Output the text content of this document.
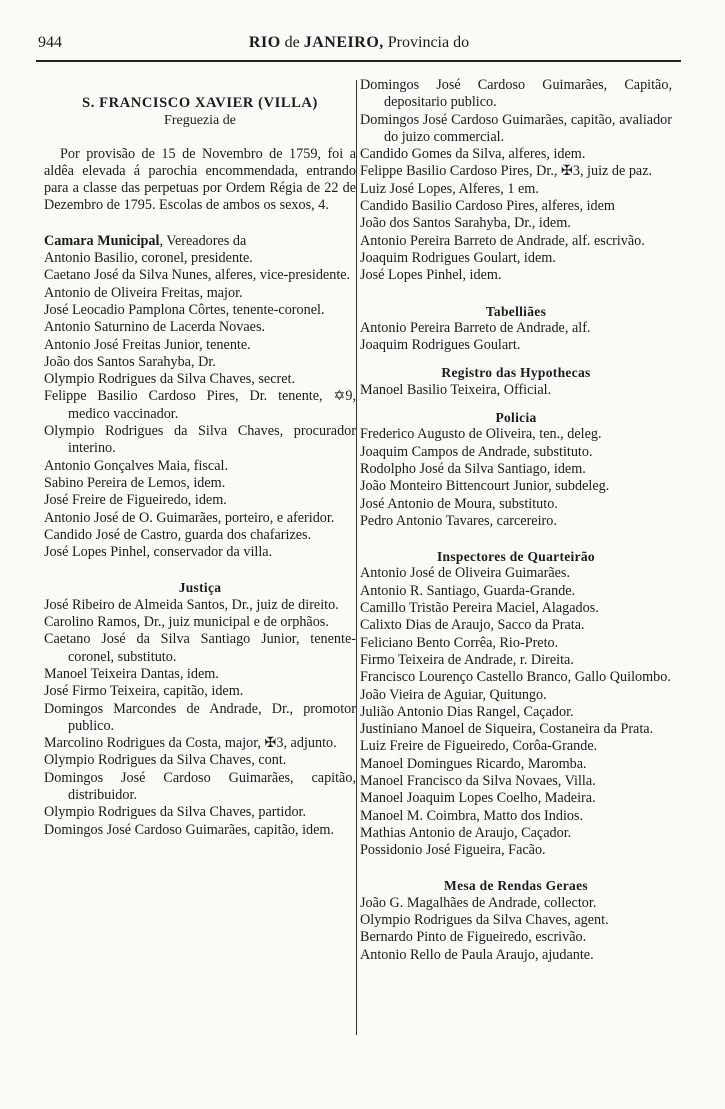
944	RIO de JANEIRO, Provincia do
S. FRANCISCO XAVIER (VILLA)
Freguezia de
Por provisão de 15 de Novembro de 1759, foi a aldêa elevada á parochia encommendada, entrando para a classe das perpetuas por Ordem Régia de 22 de Dezembro de 1795. Escolas de ambos os sexos, 4.
Camara Municipal, Vereadores da
Antonio Basilio, coronel, presidente.
Caetano José da Silva Nunes, alferes, vice-presidente.
Antonio de Oliveira Freitas, major.
José Leocadio Pamplona Côrtes, tenente-coronel.
Antonio Saturnino de Lacerda Novaes.
Antonio José Freitas Junior, tenente.
João dos Santos Sarahyba, Dr.
Olympio Rodrigues da Silva Chaves, secret.
Felippe Basilio Cardoso Pires, Dr. tenente, ✡9, medico vaccinador.
Olympio Rodrigues da Silva Chaves, procurador interino.
Antonio Gonçalves Maia, fiscal.
Sabino Pereira de Lemos, idem.
José Freire de Figueiredo, idem.
Antonio José de O. Guimarães, porteiro, e aferidor.
Candido José de Castro, guarda dos chafarizes.
José Lopes Pinhel, conservador da villa.
Justiça
José Ribeiro de Almeida Santos, Dr., juiz de direito.
Carolino Ramos, Dr., juiz municipal e de orphãos.
Caetano José da Silva Santiago Junior, tenente-coronel, substituto.
Manoel Teixeira Dantas, idem.
José Firmo Teixeira, capitão, idem.
Domingos Marcondes de Andrade, Dr., promotor publico.
Marcolino Rodrigues da Costa, major, ✠3, adjunto.
Olympio Rodrigues da Silva Chaves, cont.
Domingos José Cardoso Guimarães, capitão, distribuidor.
Olympio Rodrigues da Silva Chaves, partidor.
Domingos José Cardoso Guimarães, capitão, idem.
Domingos José Cardoso Guimarães, Capitão, depositario publico.
Domingos José Cardoso Guimarães, capitão, avaliador do juizo commercial.
Candido Gomes da Silva, alferes, idem.
Felippe Basilio Cardoso Pires, Dr., ✠3, juiz de paz.
Luiz José Lopes, Alferes, 1 em.
Candido Basilio Cardoso Pires, alferes, idem
João dos Santos Sarahyba, Dr., idem.
Antonio Pereira Barreto de Andrade, alf. escrivão.
Joaquim Rodrigues Goulart, idem.
José Lopes Pinhel, idem.
Tabelliães
Antonio Pereira Barreto de Andrade, alf.
Joaquim Rodrigues Goulart.
Registro das Hypothecas
Manoel Basilio Teixeira, Official.
Policia
Frederico Augusto de Oliveira, ten., deleg.
Joaquim Campos de Andrade, substituto.
Rodolpho José da Silva Santiago, idem.
João Monteiro Bittencourt Junior, subdeleg.
José Antonio de Moura, substituto.
Pedro Antonio Tavares, carcereiro.
Inspectores de Quarteirão
Antonio José de Oliveira Guimarães.
Antonio R. Santiago, Guarda-Grande.
Camillo Tristão Pereira Maciel, Alagados.
Calixto Dias de Araujo, Sacco da Prata.
Feliciano Bento Corrêa, Rio-Preto.
Firmo Teixeira de Andrade, r. Direita.
Francisco Lourenço Castello Branco, Gallo Quilombo.
João Vieira de Aguiar, Quitungo.
Julião Antonio Dias Rangel, Caçador.
Justiniano Manoel de Siqueira, Costaneira da Prata.
Luiz Freire de Figueiredo, Corôa-Grande.
Manoel Domingues Ricardo, Maromba.
Manoel Francisco da Silva Novaes, Villa.
Manoel Joaquim Lopes Coelho, Madeira.
Manoel M. Coimbra, Matto dos Indios.
Mathias Antonio de Araujo, Caçador.
Possidonio José Figueira, Facão.
Mesa de Rendas Geraes
João G. Magalhães de Andrade, collector.
Olympio Rodrigues da Silva Chaves, agent.
Bernardo Pinto de Figueiredo, escrivão.
Antonio Rello de Paula Araujo, ajudante.
